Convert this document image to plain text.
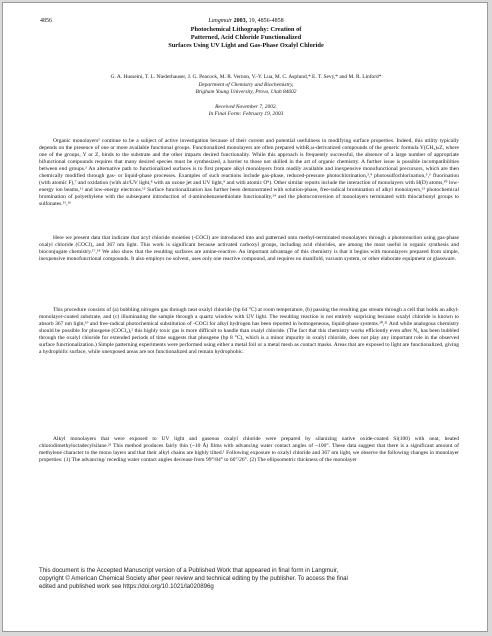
4856	Langmuir 2003, 19, 4856-4858
Photochemical Lithography: Creation of
Patterned, Acid Chloride Functionalized
Surfaces Using UV Light and Gas-Phase Oxalyl Chloride
G. A. Husseini, T. L. Niederhauser, J. G. Peacock, M. R. Vernon, V.-Y. Lua, M. C. Asplund,* E. T. Sevy,* and M. R. Linford*
Department of Chemistry and Biochemistry,
Brigham Young University, Provo, Utah 84602
Received November 7, 2002.
In Final Form: February 19, 2003

Organic monolayers¹ continue to be a subject of active investigation because of their current and potential usefulness in modifying surface properties. Indeed, this utility typically depends on the presence of one or more available functional groups. Functionalized monolayers are often prepared withR,ω-derivatized compounds of the generic formula Y(CH₂)ₙZ, where one of the groups, Y or Z, binds to the substrate and the other imparts desired functionality. While this approach is frequently successful, the absence of a large number of appropriate bifunctional compounds requires that many desired species must be synthesized, a barrier to those not skilled in the art of organic chemistry. A further issue is possible incompatibilities between end groups.² An alternative path to functionalized surfaces is to first prepare alkyl monolayers from readily available and inexpensive monofunctional precursors, which are then chemically modified through gas- or liquid-phase processes. Examples of such reactions include gas-phase, reduced-pressure photochlorination,³,⁴ photosulfochlorination,⁵,⁶ fluorination (with atomic F),⁷ and oxidation (with air/UV light,⁸ with an ozone jet and UV light,⁹ and with atomic O⁸). Other similar reports include the interaction of monolayers with H(D) atoms,¹⁰ low-energy ion beams,¹¹ and low-energy electrons.¹² Surface functionalization has further been demonstrated with solution-phase, free-radical bromination of alkyl monolayers,¹³ photochemical bromination of polyethylene with the subsequent introduction of 4-aminobenzenethiolate functionality,¹⁴ and the photoconversion of monolayers terminated with thiocarbonyl groups to sulfonates.¹⁵,¹⁶

Here we present data that indicate that acyl chloride moieties (-COCl) are introduced into and patterned onto methyl-terminated monolayers through a photoreaction using gas-phase oxalyl chloride (COCl)₂ and 367 nm light. This work is significant because activated carboxyl groups, including acid chlorides, are among the most useful in organic synthesis and bioconjugate chemistry.¹⁷,¹⁸ We also show that the resulting surfaces are amine-reactive. An important advantage of this chemistry is that it begins with monolayers prepared from simple, inexpensive monofunctional compounds. It also employs no solvent, uses only one reactive compound, and requires no manifold, vacuum system, or other elaborate equipment or glassware.

This procedure consists of (a) bubbling nitrogen gas through neat oxalyl chloride (bp 64 °C) at room temperature, (b) passing the resulting gas stream through a cell that holds an alkyl-monolayer-coated substrate, and (c) illuminating the sample through a quartz window with UV light. The resulting reaction is not entirely surprising because oxalyl chloride is known to absorb 367 nm light,¹⁹ and free-radical photochemical substitution of -COCl for alkyl hydrogen has been reported in homogeneous, liquid-phase systems.²⁰,²¹ And while analogous chemistry should be possible for phosgene (COCl₂),² this highly toxic gas is more difficult to handle than oxalyl chloride. (The fact that this chemistry works efficiently even after N₂ has been bubbled through the oxalyl chloride for extended periods of time suggests that phosgene (bp 8 °C), which is a minor impurity in oxalyl chloride, does not play any important role in the observed surface functionalization.) Simple patterning experiments were performed using either a metal foil or a metal mesh as contact masks. Areas that are exposed to light are functionalized, giving a hydrophilic surface, while unexposed areas are not functionalized and remain hydrophobic.

Alkyl monolayers that were exposed to UV light and gaseous oxalyl chloride were prepared by silanizing native oxide-coated Si(100) with neat, heated chlorodimethyloctadecylsilane.²² This method produces fairly thin (~10 Å) films with advancing water contact angles of ~100°. These data suggest that there is a significant amount of methylene character to the mono layers and that their alkyl chains are highly tilted.¹ Following exposure to oxalyl chloride and 367 nm light, we observe the following changes in monolayer properties: (1) The advancing/ receding water contact angles decrease from 99°/84° to 66°/26°. (2) The ellipsometric thickness of the monolayer

This document is the Accepted Manuscript version of a Published Work that appeared in final form in Langmuir,
copyright © American Chemical Society after peer review and technical editing by the publisher. To access the final
edited and published work see https://doi.org/10.1021/la020896g
